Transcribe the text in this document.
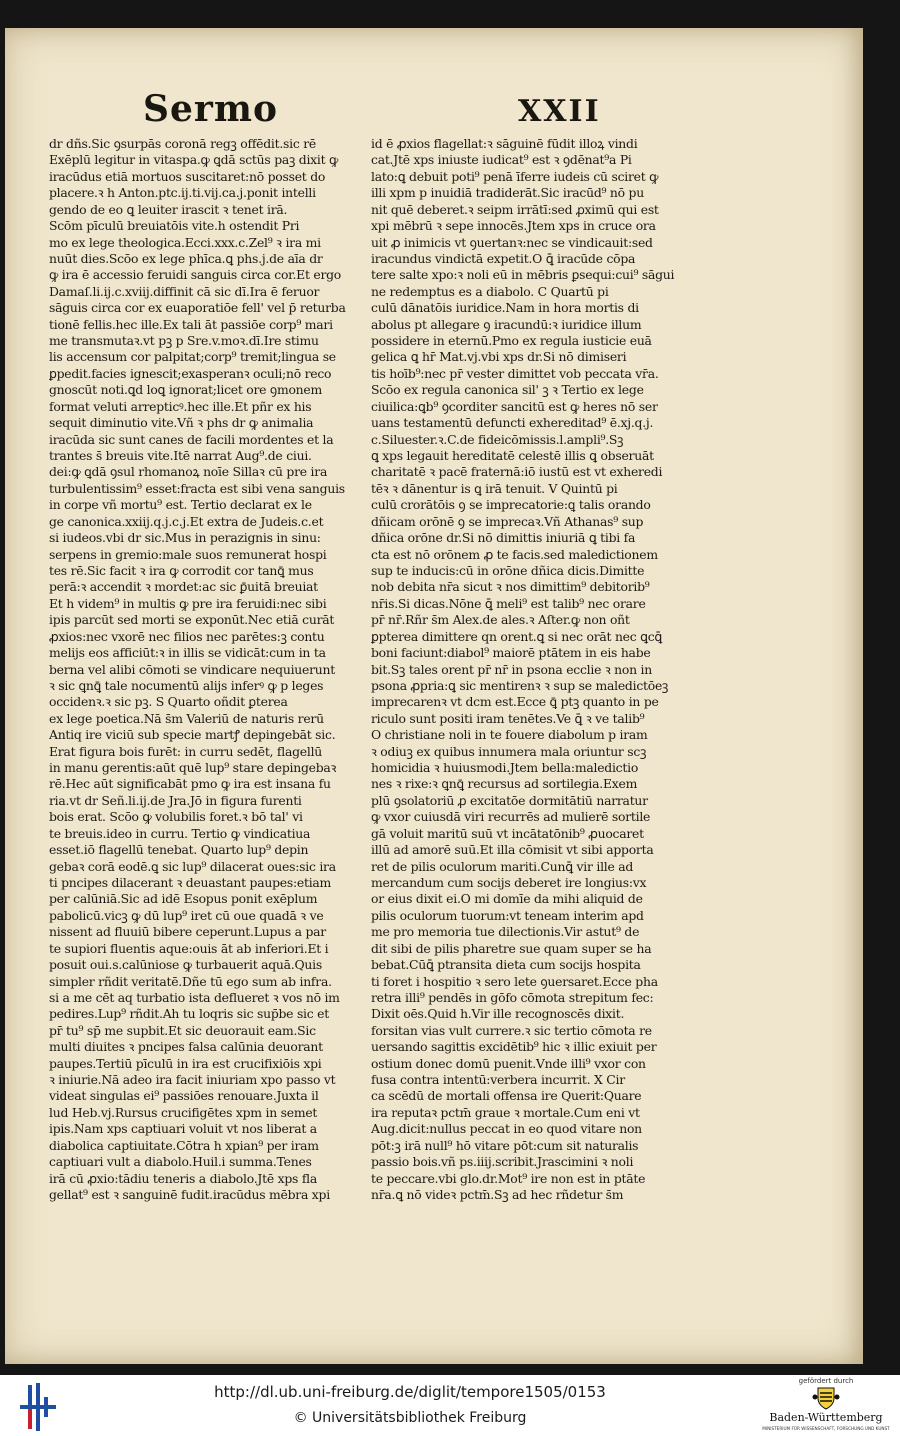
Sermo	XXII
dr dñs.Sic ꝯsurpās coronā regꝫ offēdit.sic rē
Exēplū legitur in vitaspa.ꝙ ꝗdā sctūs paꝫ dixit ꝙ
iracūdus etiā mortuos suscitaret:nō posset do
placere.ꝛ h Anton.ptc.ij.ti.vij.ca.j.ponit intelli
gendo de eo ꝗ leuiter irascit ꝛ tenet irā.
Scōm pīculū breuiatōis vite.h ostendit Pri
mo ex lege theologica.Ecci.xxx.c.Zel⁹ ꝛ ira mi
nuūt dies.Scōo ex lege phīca.ꝗ phs.j.de aīa dr
ꝙ ira ē accessio feruidi sanguis circa cor.Et ergo
Damaſ.li.ij.c.xviij.diffinit cā sic dī.Ira ē feruor
sāguis circa cor ex euaporatiōe fell' vel p̄ returba
tionē fellis.hec ille.Ex tali āt passiōe corp⁹ mari
me transmutaꝛ.vt pꝫ p Sre.v.moꝛ.dī.Ire stimu
lis accensum cor palpitat;corp⁹ tremit;lingua se
ꝑpedit.facies ignescit;exasperanꝛ oculi;nō reco
gnoscūt noti.ꝗd loꝗ ignorat;licet ore ꝯmonem
format veluti arrepticꝰ.hec ille.Et pñr ex his
sequit diminutio vite.Vñ ꝛ phs dr ꝙ animalia
iracūda sic sunt canes de facili mordentes et la
trantes s̄ breuis vite.Itē narrat Aug⁹.de ciui.
dei:ꝙ ꝗdā ꝯsul rhomanoꝝ noīe Sillaꝛ cū pre ira
turbulentissim⁹ esset:fracta est sibi vena sanguis
in corpe vñ mortu⁹ est. Tertio declarat ex le
ge canonica.xxiij.q.j.c.j.Et extra de Judeis.c.et
si iudeos.vbi dr sic.Mus in perazignis in sinu:
serpens in gremio:male suos remunerat hospi
tes rē.Sic facit ꝛ ira ꝙ corrodit cor tanꝗ̄ mus
perā:ꝛ accendit ꝛ mordet:ac sic ꝑ̄uitā breuiat
Et h videm⁹ in multis ꝙ pre ira feruidi:nec sibi
ipis parcūt sed morti se exponūt.Nec etiā curāt
ꝓxios:nec vxorē nec filios nec parētes:ꝫ contu
melijs eos afficiūt:ꝛ in illis se vidicāt:cum in ta
berna vel alibi cōmoti se vindicare nequiuerunt
ꝛ sic ꝗnꝗ̄ tale nocumentū alijs inferꝰ ꝙ p leges
occidenꝛ.ꝛ sic pꝫ. S Quarto oñdit ꝑterea
ex lege poetica.Nā s̄m Valeriū de naturis rerū
Antiq ire viciū sub specie martꝭ depingebāt sic.
Erat figura bois furēt: in curru sedēt, flagellū
in manu gerentis:aūt quē lup⁹ stare depingebaꝛ
rē.Hec aūt significabāt pmo ꝙ ira est insana fu
ria.vt dr Señ.li.ij.de Jra.Jō in figura furenti
bois erat. Scōo ꝙ volubilis foret.ꝛ bō tal' vi
te breuis.ideo in curru. Tertio ꝙ vindicatiua
esset.iō flagellū tenebat. Quarto lup⁹ depin
gebaꝛ corā eodē.ꝗ sic lup⁹ dilacerat oues:sic ira
ti pncipes dilacerant ꝛ deuastant paupes:etiam
per calūniā.Sic ad idē Esopus ponit exēplum
pabolicū.vicꝫ ꝙ dū lup⁹ iret cū oue quadā ꝛ ve
nissent ad fluuiū bibere ceperunt.Lupus a par
te supiori fluentis aque:ouis āt ab inferiori.Et i
posuit oui.s.calūniose ꝙ turbauerit aquā.Quis
simpler rñdit veritatē.Dñe tū ego sum ab infra.
si a me cēt aq turbatio ista deflueret ꝛ vos nō im
pedires.Lup⁹ rñdit.Ah tu loqris sic sup̄be sic et
pr̄ tu⁹ sp̄ me supbit.Et sic deuorauit eam.Sic
multi diuites ꝛ pncipes falsa calūnia deuorant
paupes.Tertiū pīculū in ira est crucifixiōis xpi
ꝛ iniurie.Nā adeo ira facit iniuriam xpo passo vt
videat singulas ei⁹ passiōes renouare.Juxta il
lud Heb.vj.Rursus crucifigētes xpm in semet
ipis.Nam xps captiuari voluit vt nos liberat a
diabolica captiuitate.Cōtra h xpian⁹ per iram
captiuari vult a diabolo.Huil.i summa.Tenes
irā cū ꝓxio:tādiu teneris a diabolo.Jtē xps fla
gellat⁹ est ꝛ sanguinē fudit.iracūdus mēbra xpi
id ē ꝓxios flagellat:ꝛ sāguinē fūdit illoꝝ vindi
cat.Jtē xps iniuste iudicat⁹ est ꝛ ꝯdēnat⁹a Pi
lato:ꝗ debuit poti⁹ penā īferre iudeis cū sciret ꝙ
illi xpm p inuidiā tradiderāt.Sic iracūd⁹ nō pu
nit quē deberet.ꝛ seipm irrātī:sed ꝓximū qui est
xpi mēbrū ꝛ sepe innocēs.Jtem xps in cruce ora
uit ꝓ inimicis vt ꝯuertanꝛ:nec se vindicauit:sed
iracundus vindictā expetit.O ꝗ̄ iracūde cōpa
tere salte xpo:ꝛ noli eū in mēbris ꝑsequi:cui⁹ sāgui
ne redemptus es a diabolo. C Quartū pi
culū dānatōis iuridice.Nam in hora mortis di
abolus pt allegare ꝯ iracundū:ꝛ iuridice illum
possidere in eternū.Pmo ex regula iusticie euā
gelica ꝗ hr̄ Mat.vj.vbi xps dr.Si nō dimiseri
tis hoīb⁹:nec pr̄ vester dimittet vob peccata vr̄a.
Scōo ex regula canonica sil' ꝫ ꝛ Tertio ex lege
ciuilica:ꝗb⁹ ꝯcorditer sancitū est ꝙ heres nō ser
uans testamentū defuncti exhereditad⁹ ē.xj.q.j.
c.Siluester.ꝛ.C.de fideicōmissis.l.ampli⁹.Sꝫ
ꝗ xps legauit hereditatē celestē illis ꝗ obseruāt
charitatē ꝛ pacē fraternā:iō iustū est vt exheredi
tēꝛ ꝛ dānentur is ꝗ irā tenuit. V Quintū pi
culū crorātōis ꝯ se imprecatorie:ꝗ talis orando
dñicam orōnē ꝯ se imprecaꝛ.Vñ Athanas⁹ sup
dñica orōne dr.Si nō dimittis iniuriā ꝗ tibi fa
cta est nō orōnem ꝓ te facis.sed maledictionem
sup te inducis:cū in orōne dñica dicis.Dimitte
nob debita nr̄a sicut ꝛ nos dimittim⁹ debitorib⁹
nr̄is.Si dicas.Nōne ꝗ̄ meli⁹ est talib⁹ nec orare
pr̄ nr̄.Rñr s̄m Alex.de ales.ꝛ Aſter.ꝙ non oñt
ꝑpterea dimittere qn orent.ꝗ si nec orāt nec ꝗcꝗ̄
boni faciunt:diabol⁹ maiorē ptātem in eis habe
bit.Sꝫ tales orent pr̄ nr̄ in psona ecclie ꝛ non in
psona ꝓpria:ꝗ sic mentirenꝛ ꝛ sup se maledictōeꝫ
imprecarenꝛ vt dcm est.Ecce ꝗ̄ ptꝫ quanto in pe
riculo sunt positi iram tenētes.Ve ꝗ̄ ꝛ ve talib⁹
O christiane noli in te fouere diabolum p iram
ꝛ odiuꝫ ex quibus innumera mala oriuntur scꝫ
homicidia ꝛ huiusmodi.Jtem bella:maledictio
nes ꝛ rixe:ꝛ ꝗnꝗ̄ recursus ad sortilegia.Exem
plū ꝯsolatoriū ꝓ excitatōe dormitātiū narratur
ꝙ vxor cuiusdā viri recurrēs ad mulierē sortile
gā voluit maritū suū vt incātatōnib⁹ ꝓuocaret
illū ad amorē suū.Et illa cōmisit vt sibi apporta
ret de pilis oculorum mariti.Cunꝗ̄ vir ille ad
mercandum cum socijs deberet ire longius:vx
or eius dixit ei.O mi domīe da mihi aliquid de
pilis oculorum tuorum:vt teneam interim apd
me pro memoria tue dilectionis.Vir astut⁹ de
dit sibi de pilis pharetre sue quam super se ha
bebat.Cūꝗ̄ ptransita dieta cum socijs hospita
ti foret i hospitio ꝛ sero lete ꝯuersaret.Ecce pha
retra illi⁹ pendēs in gōfo cōmota strepitum fec:
Dixit oēs.Quid h.Vir ille recognoscēs dixit.
forsitan vias vult currere.ꝛ sic tertio cōmota re
uersando sagittis excidētib⁹ hic ꝛ illic exiuit per
ostium donec domū puenit.Vnde illi⁹ vxor con
fusa contra intentū:verbera incurrit. X Cir
ca scēdū de mortali offensa ire Querit:Quare
ira reputaꝛ pctm̄ graue ꝛ mortale.Cum eni vt
Aug.dicit:nullus peccat in eo quod vitare non
pōt:ꝫ irā null⁹ hō vitare pōt:cum sit naturalis
passio bois.vñ ps.iiij.scribit.Jrascimini ꝛ noli
te peccare.vbi glo.dr.Mot⁹ ire non est in ptāte
nr̄a.ꝗ nō videꝛ pctm̄.Sꝫ ad hec rñdetur s̄m
http://dl.ub.uni-freiburg.de/diglit/tempore1505/0153
© Universitätsbibliothek Freiburg
gefördert durch
Baden-Württemberg
MINISTERIUM FÜR WISSENSCHAFT, FORSCHUNG UND KUNST
